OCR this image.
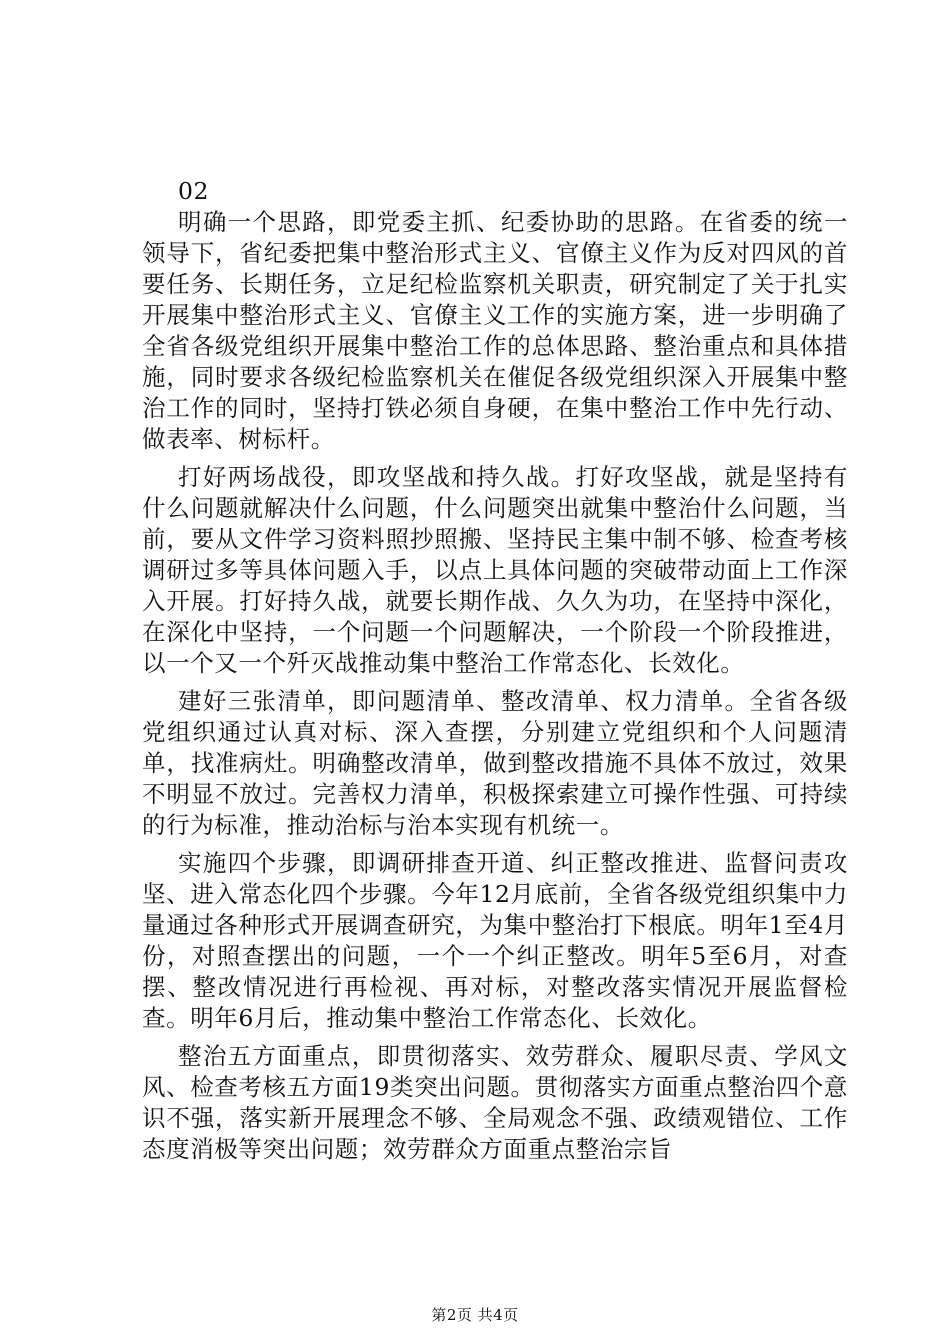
02

明确一个思路，即党委主抓、纪委协助的思路。在省委的统一领导下，省纪委把集中整治形式主义、官僚主义作为反对四风的首要任务、长期任务，立足纪检监察机关职责，研究制定了关于扎实开展集中整治形式主义、官僚主义工作的实施方案，进一步明确了全省各级党组织开展集中整治工作的总体思路、整治重点和具体措施，同时要求各级纪检监察机关在催促各级党组织深入开展集中整治工作的同时，坚持打铁必须自身硬，在集中整治工作中先行动、做表率、树标杆。

打好两场战役，即攻坚战和持久战。打好攻坚战，就是坚持有什么问题就解决什么问题，什么问题突出就集中整治什么问题，当前，要从文件学习资料照抄照搬、坚持民主集中制不够、检查考核调研过多等具体问题入手，以点上具体问题的突破带动面上工作深入开展。打好持久战，就要长期作战、久久为功，在坚持中深化，在深化中坚持，一个问题一个问题解决，一个阶段一个阶段推进，以一个又一个歼灭战推动集中整治工作常态化、长效化。

建好三张清单，即问题清单、整改清单、权力清单。全省各级党组织通过认真对标、深入查摆，分别建立党组织和个人问题清单，找准病灶。明确整改清单，做到整改措施不具体不放过，效果不明显不放过。完善权力清单，积极探索建立可操作性强、可持续的行为标准，推动治标与治本实现有机统一。

实施四个步骤，即调研排查开道、纠正整改推进、监督问责攻坚、进入常态化四个步骤。今年12月底前，全省各级党组织集中力量通过各种形式开展调查研究，为集中整治打下根底。明年1至4月份，对照查摆出的问题，一个一个纠正整改。明年5至6月，对查摆、整改情况进行再检视、再对标，对整改落实情况开展监督检查。明年6月后，推动集中整治工作常态化、长效化。

整治五方面重点，即贯彻落实、效劳群众、履职尽责、学风文风、检查考核五方面19类突出问题。贯彻落实方面重点整治四个意识不强，落实新开展理念不够、全局观念不强、政绩观错位、工作态度消极等突出问题；效劳群众方面重点整治宗旨

第2页 共4页
